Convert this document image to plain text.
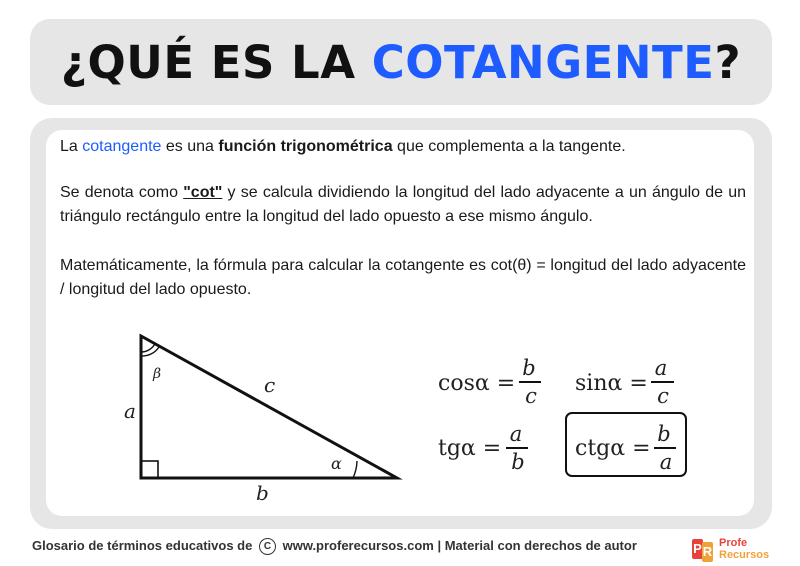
¿QUÉ ES LA COTANGENTE?

La cotangente es una función trigonométrica que complementa a la tangente.

Se denota como "cot" y se calcula dividiendo la longitud del lado adyacente a un ángulo de un triángulo rectángulo entre la longitud del lado opuesto a ese mismo ángulo.

Matemáticamente, la fórmula para calcular la cotangente es cot(θ) = longitud del lado adyacente / longitud del lado opuesto.

a
b
c
α
β	cosα =
b
c sinα =
a
c
tgα =
a
b
ctgα =
b
a
Glosario de términos educativos de C www.proferecursos.com | Material con derechos de autor	P R
Profe
Recursos
